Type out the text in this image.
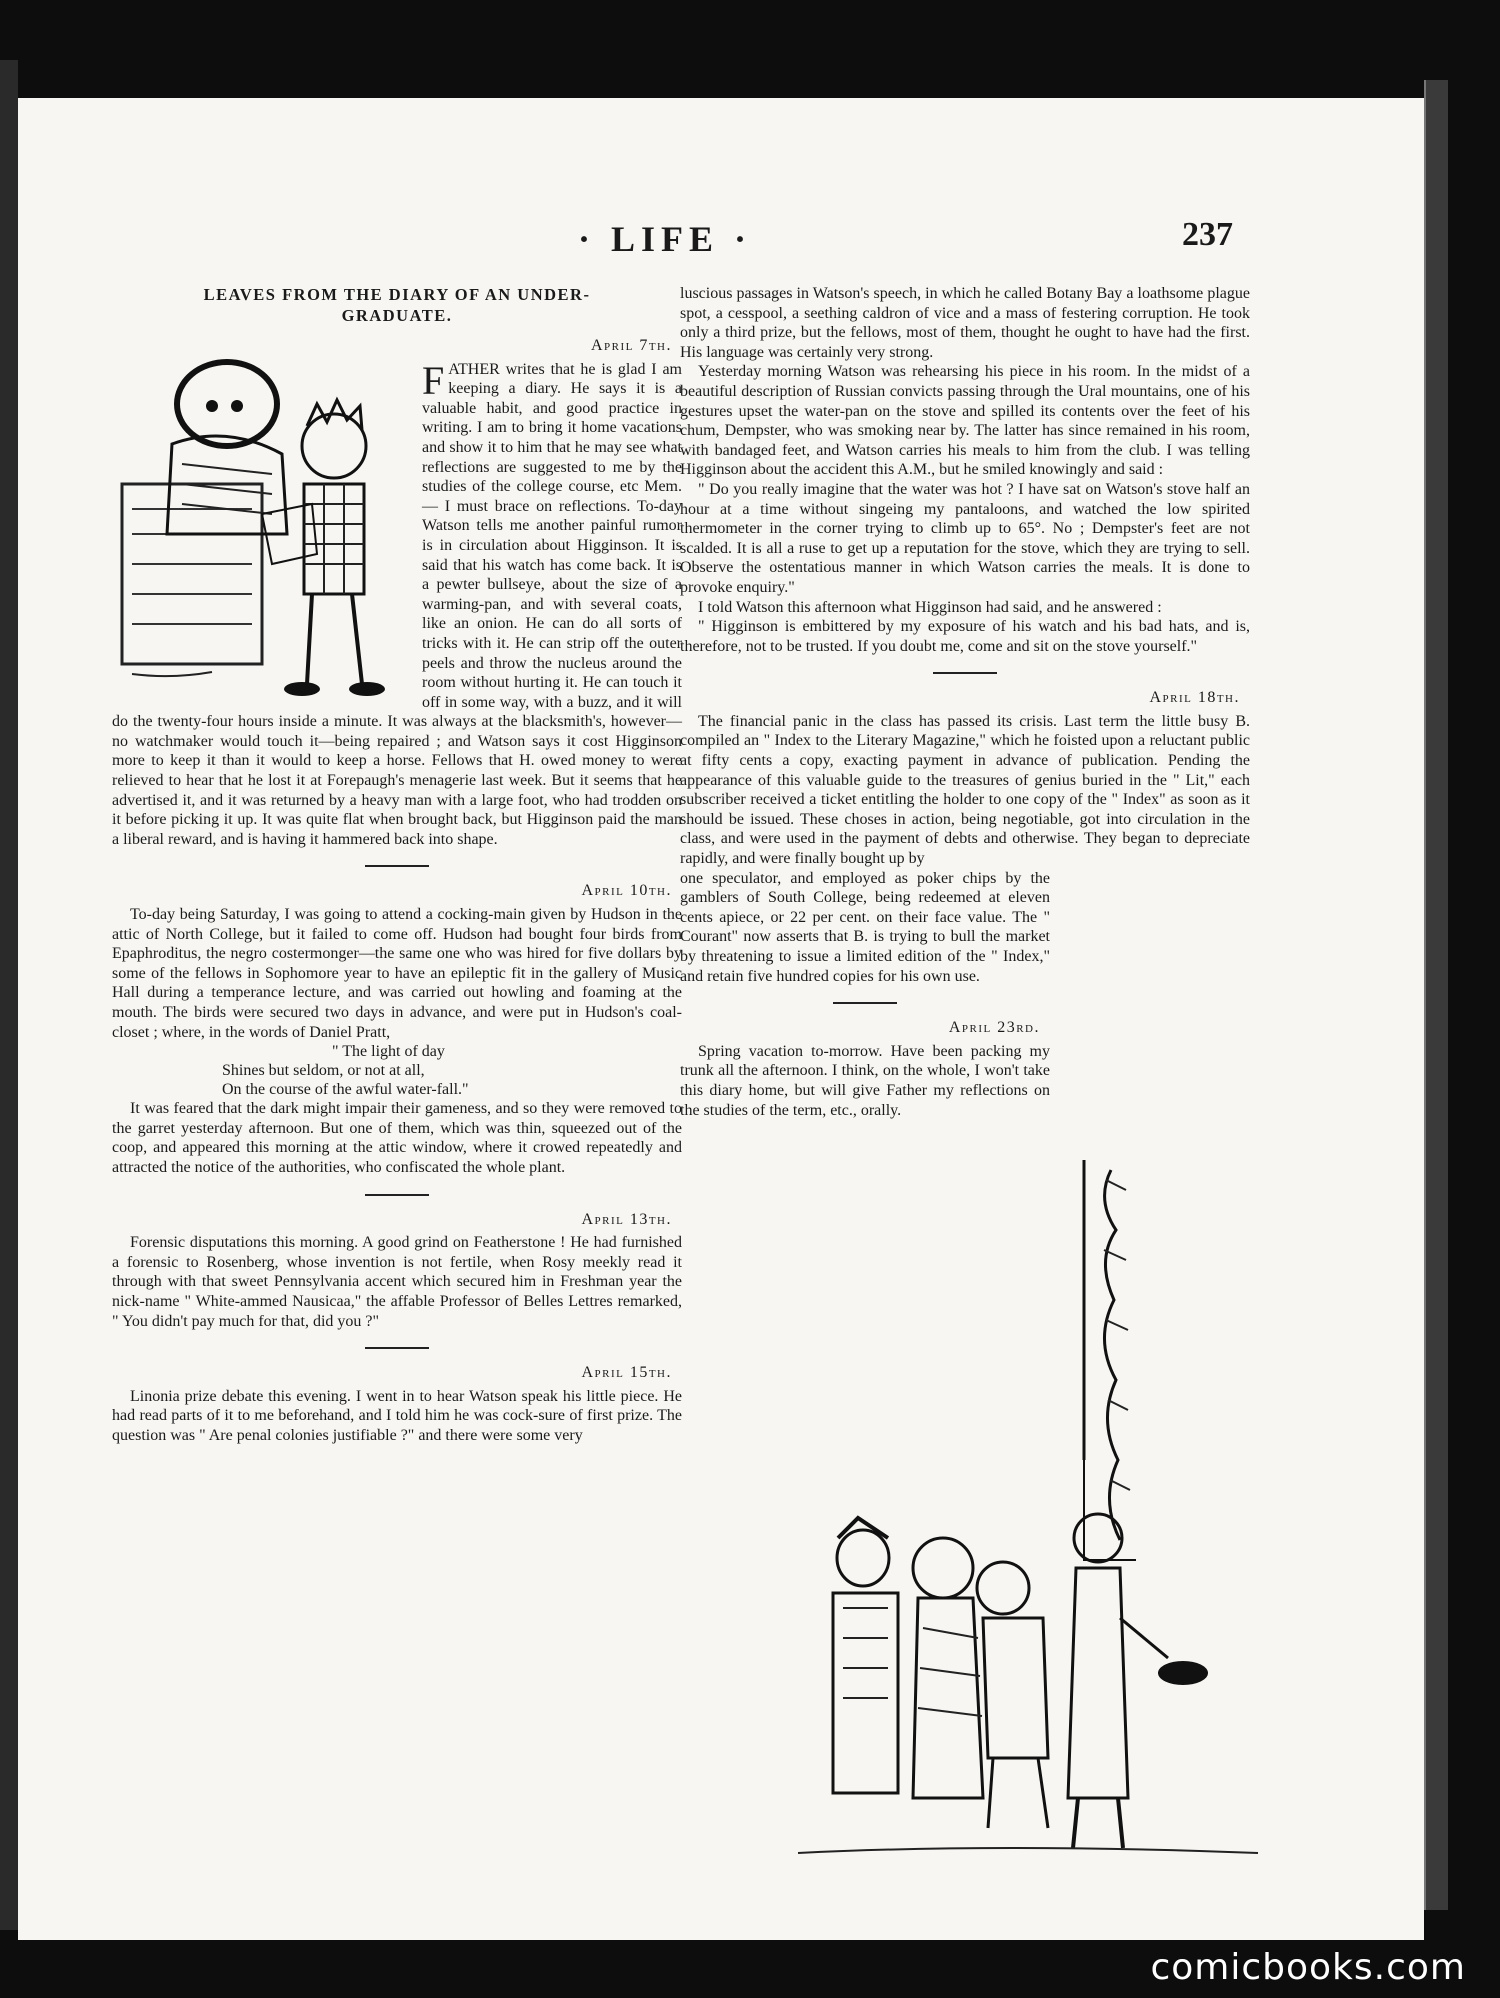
· LIFE ·	237
LEAVES FROM THE DIARY OF AN UNDER-
GRADUATE.
April 7th.

FATHER writes that he is glad I am keeping a diary. He says it is a valuable habit, and good practice in writing. I am to bring it home vacations and show it to him that he may see what reflections are suggested to me by the studies of the college course, etc Mem.— I must brace on reflections. To-day Watson tells me another painful rumor is in circulation about Higginson. It is said that his watch has come back. It is a pewter bullseye, about the size of a warming-pan, and with several coats, like an onion. He can do all sorts of tricks with it. He can strip off the outer peels and throw the nucleus around the room without hurting it. He can touch it off in some way, with a buzz, and it will do the twenty-four hours inside a minute. It was always at the blacksmith's, however—no watchmaker would touch it—being repaired ; and Watson says it cost Higginson more to keep it than it would to keep a horse. Fellows that H. owed money to were relieved to hear that he lost it at Forepaugh's menagerie last week. But it seems that he advertised it, and it was returned by a heavy man with a large foot, who had trodden on it before picking it up. It was quite flat when brought back, but Higginson paid the man a liberal reward, and is having it hammered back into shape.

April 10th.

To-day being Saturday, I was going to attend a cocking-main given by Hudson in the attic of North College, but it failed to come off. Hudson had bought four birds from Epaphroditus, the negro costermonger—the same one who was hired for five dollars by some of the fellows in Sophomore year to have an epileptic fit in the gallery of Music Hall during a temperance lecture, and was carried out howling and foaming at the mouth. The birds were secured two days in advance, and were put in Hudson's coal-closet ; where, in the words of Daniel Pratt,

" The light of day
Shines but seldom, or not at all,
On the course of the awful water-fall."

It was feared that the dark might impair their gameness, and so they were removed to the garret yesterday afternoon. But one of them, which was thin, squeezed out of the coop, and appeared this morning at the attic window, where it crowed repeatedly and attracted the notice of the authorities, who confiscated the whole plant.

April 13th.

Forensic disputations this morning. A good grind on Featherstone ! He had furnished a forensic to Rosenberg, whose invention is not fertile, when Rosy meekly read it through with that sweet Pennsylvania accent which secured him in Freshman year the nick-name " White-ammed Nausicaa," the affable Professor of Belles Lettres remarked, " You didn't pay much for that, did you ?"

April 15th.

Linonia prize debate this evening. I went in to hear Watson speak his little piece. He had read parts of it to me beforehand, and I told him he was cock-sure of first prize. The question was " Are penal colonies justifiable ?" and there were some very

luscious passages in Watson's speech, in which he called Botany Bay a loathsome plague spot, a cesspool, a seething caldron of vice and a mass of festering corruption. He took only a third prize, but the fellows, most of them, thought he ought to have had the first. His language was certainly very strong.

Yesterday morning Watson was rehearsing his piece in his room. In the midst of a beautiful description of Russian convicts passing through the Ural mountains, one of his gestures upset the water-pan on the stove and spilled its contents over the feet of his chum, Dempster, who was smoking near by. The latter has since remained in his room, with bandaged feet, and Watson carries his meals to him from the club. I was telling Higginson about the accident this A.M., but he smiled knowingly and said :

" Do you really imagine that the water was hot ? I have sat on Watson's stove half an hour at a time without singeing my pantaloons, and watched the low spirited thermometer in the corner trying to climb up to 65°. No ; Dempster's feet are not scalded. It is all a ruse to get up a reputation for the stove, which they are trying to sell. Observe the ostentatious manner in which Watson carries the meals. It is done to provoke enquiry."

I told Watson this afternoon what Higginson had said, and he answered :

" Higginson is embittered by my exposure of his watch and his bad hats, and is, therefore, not to be trusted. If you doubt me, come and sit on the stove yourself."

April 18th.

The financial panic in the class has passed its crisis. Last term the little busy B. compiled an " Index to the Literary Magazine," which he foisted upon a reluctant public at fifty cents a copy, exacting payment in advance of publication. Pending the appearance of this valuable guide to the treasures of genius buried in the " Lit," each subscriber received a ticket entitling the holder to one copy of the " Index" as soon as it should be issued. These choses in action, being negotiable, got into circulation in the class, and were used in the payment of debts and otherwise. They began to depreciate rapidly, and were finally bought up by

one speculator, and employed as poker chips by the gamblers of South College, being redeemed at eleven cents apiece, or 22 per cent. on their face value. The " Courant" now asserts that B. is trying to bull the market by threatening to issue a limited edition of the " Index," and retain five hundred copies for his own use.

April 23rd.

Spring vacation to-morrow. Have been packing my trunk all the afternoon. I think, on the whole, I won't take this diary home, but will give Father my reflections on the studies of the term, etc., orally.

comicbooks.com
